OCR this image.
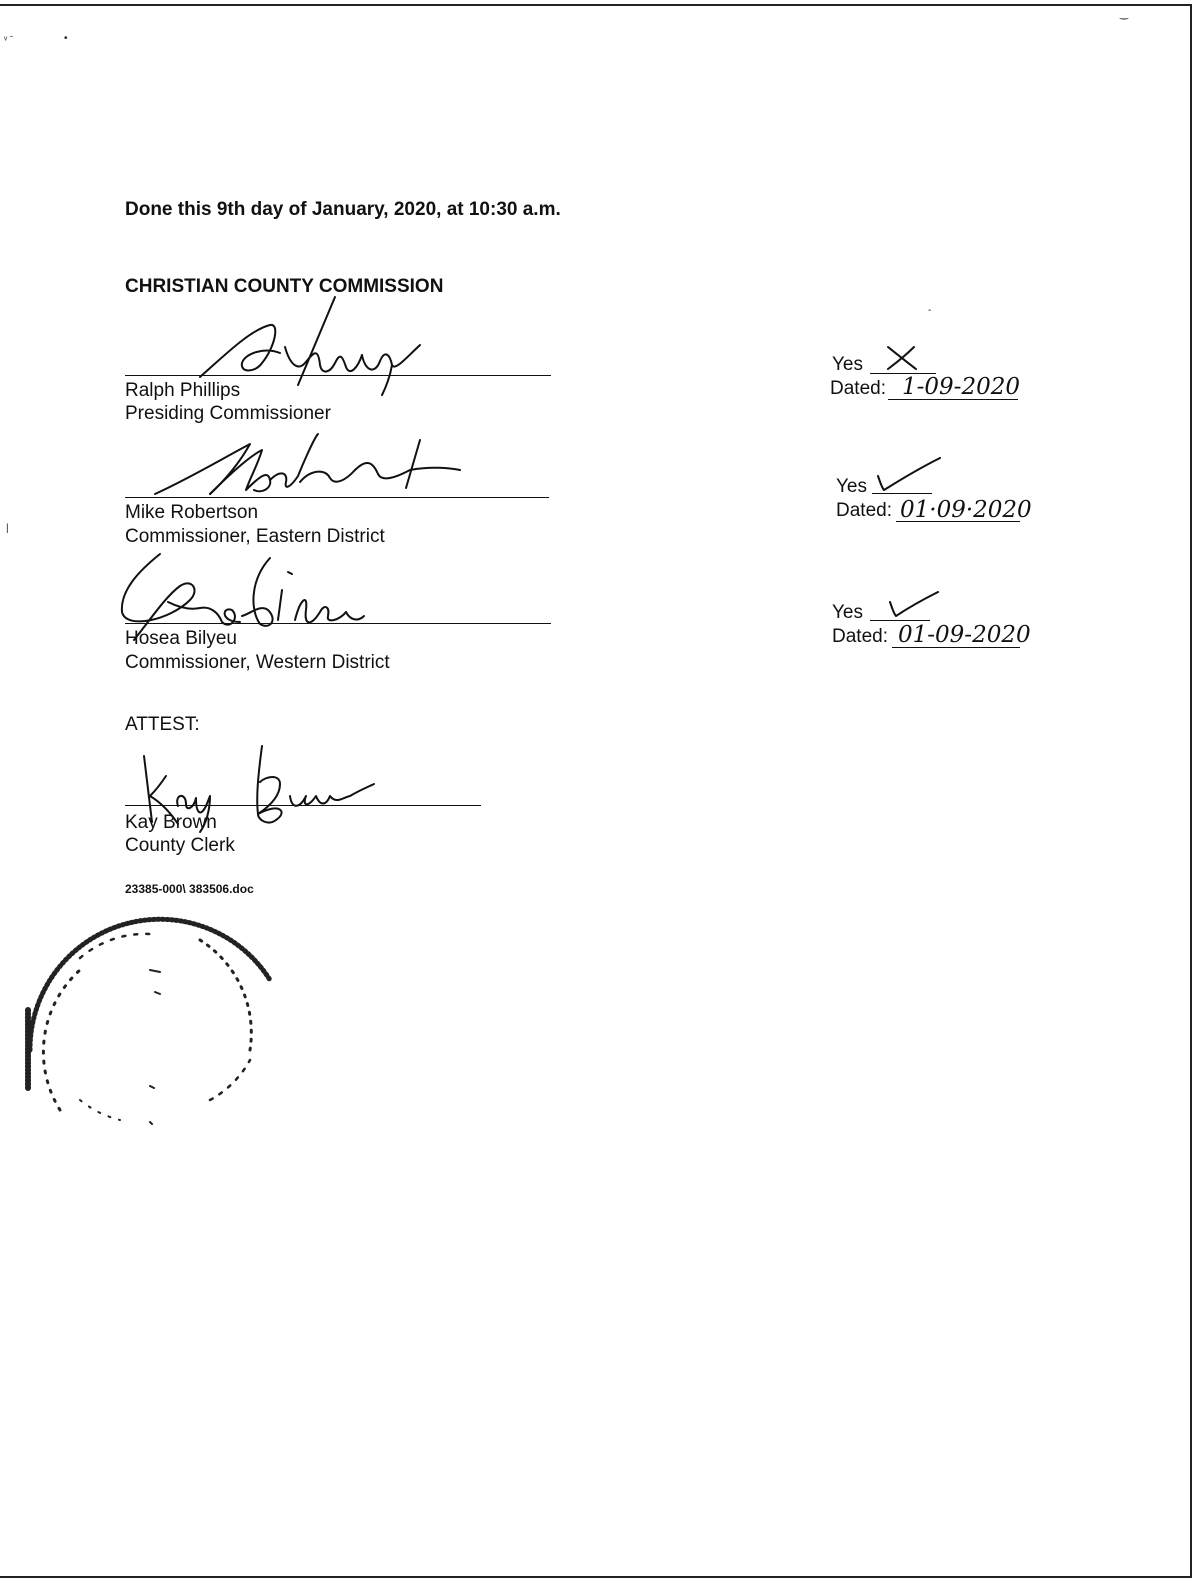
ᵛ ˉ	•
‿
|
-
Done this 9th day of January, 2020, at 10:30 a.m.
CHRISTIAN COUNTY COMMISSION
Ralph Phillips
Presiding Commissioner
Yes
Dated: 1-09-2020
Mike Robertson
Commissioner, Eastern District
Yes
Dated: 01·09·2020
Hosea Bilyeu
Commissioner, Western District
Yes
Dated: 01-09-2020
ATTEST:
Kay Brown
County Clerk
23385-000\ 383506.doc
